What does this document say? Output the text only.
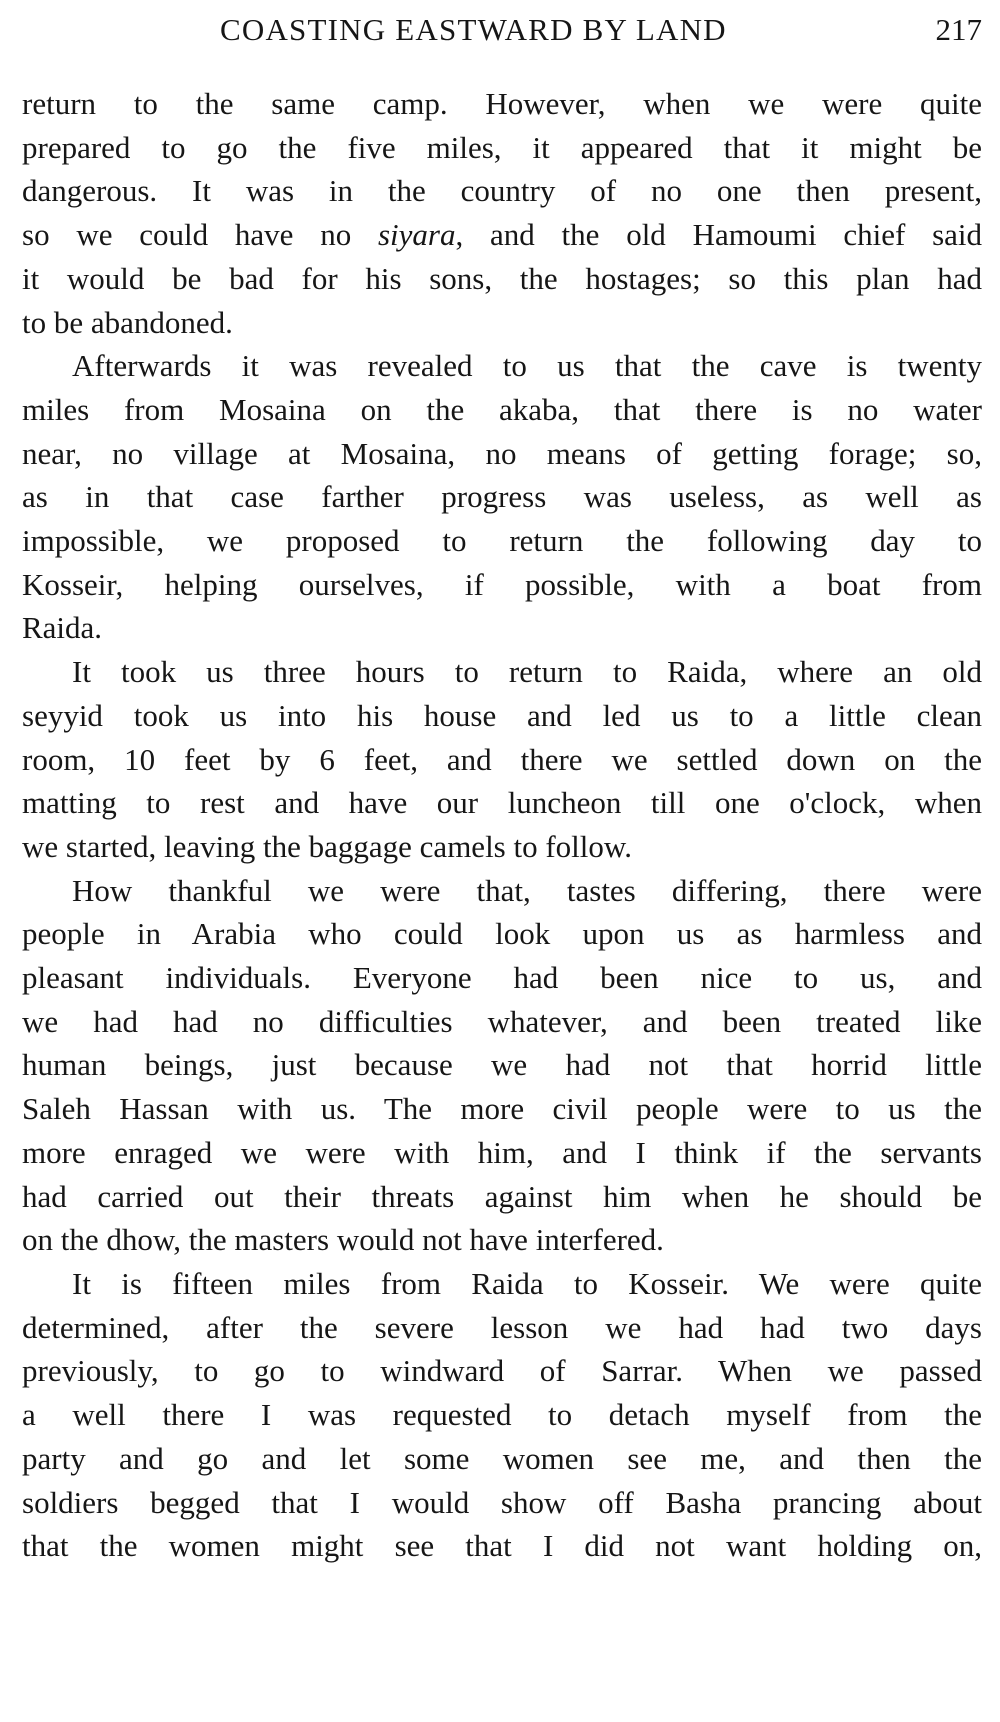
COASTING EASTWARD BY LAND	217

return to the same camp. However, when we were quite
prepared to go the five miles, it appeared that it might be
dangerous. It was in the country of no one then present,
so we could have no siyara, and the old Hamoumi chief said
it would be bad for his sons, the hostages; so this plan had
to be abandoned.

Afterwards it was revealed to us that the cave is twenty
miles from Mosaina on the akaba, that there is no water
near, no village at Mosaina, no means of getting forage; so,
as in that case farther progress was useless, as well as
impossible, we proposed to return the following day to
Kosseir, helping ourselves, if possible, with a boat from
Raida.

It took us three hours to return to Raida, where an old
seyyid took us into his house and led us to a little clean
room, 10 feet by 6 feet, and there we settled down on the
matting to rest and have our luncheon till one o'clock, when
we started, leaving the baggage camels to follow.

How thankful we were that, tastes differing, there were
people in Arabia who could look upon us as harmless and
pleasant individuals. Everyone had been nice to us, and
we had had no difficulties whatever, and been treated like
human beings, just because we had not that horrid little
Saleh Hassan with us. The more civil people were to us the
more enraged we were with him, and I think if the servants
had carried out their threats against him when he should be
on the dhow, the masters would not have interfered.

It is fifteen miles from Raida to Kosseir. We were quite
determined, after the severe lesson we had had two days
previously, to go to windward of Sarrar. When we passed
a well there I was requested to detach myself from the
party and go and let some women see me, and then the
soldiers begged that I would show off Basha prancing about
that the women might see that I did not want holding on,
